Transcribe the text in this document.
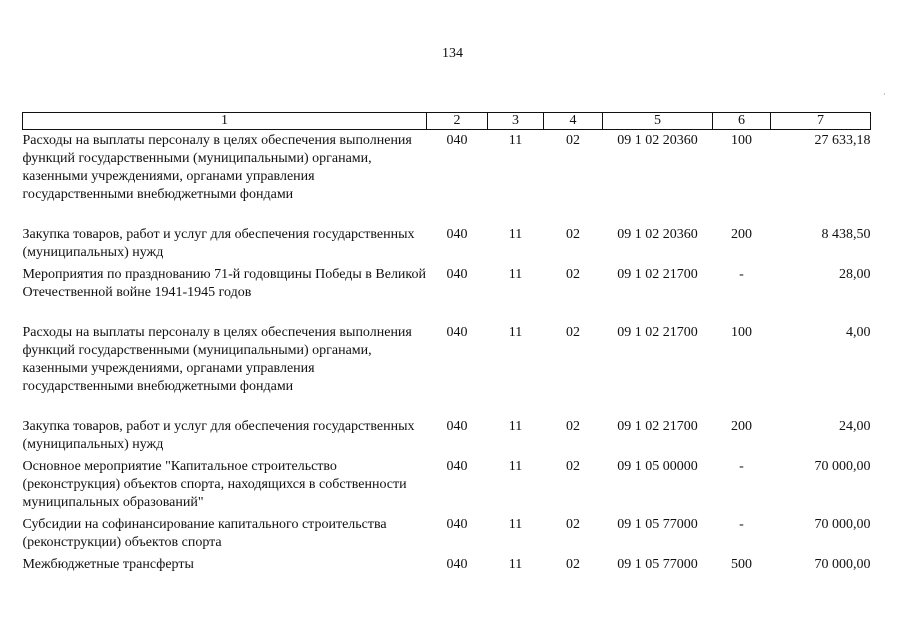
134
·
1	2	3	4	5	6	7
Расходы на выплаты персоналу в целях обеспечения выполнения функций государственными (муниципальными) органами, казенными учреждениями, органами управления государственными внебюджетными фондами	040	11	02	09 1 02 20360	100	27 633,18
Закупка товаров, работ и услуг для обеспечения государственных (муниципальных) нужд	040	11	02	09 1 02 20360	200	8 438,50
Мероприятия по празднованию 71-й годовщины Победы в Великой Отечественной войне 1941-1945 годов	040	11	02	09 1 02 21700	-	28,00
Расходы на выплаты персоналу в целях обеспечения выполнения функций государственными (муниципальными) органами, казенными учреждениями, органами управления государственными внебюджетными фондами	040	11	02	09 1 02 21700	100	4,00
Закупка товаров, работ и услуг для обеспечения государственных (муниципальных) нужд	040	11	02	09 1 02 21700	200	24,00
Основное мероприятие "Капитальное строительство (реконструкция) объектов спорта, находящихся в собственности муниципальных образований"	040	11	02	09 1 05 00000	-	70 000,00
Субсидии на софинансирование капитального строительства (реконструкции) объектов спорта	040	11	02	09 1 05 77000	-	70 000,00
Межбюджетные трансферты	040	11	02	09 1 05 77000	500	70 000,00
